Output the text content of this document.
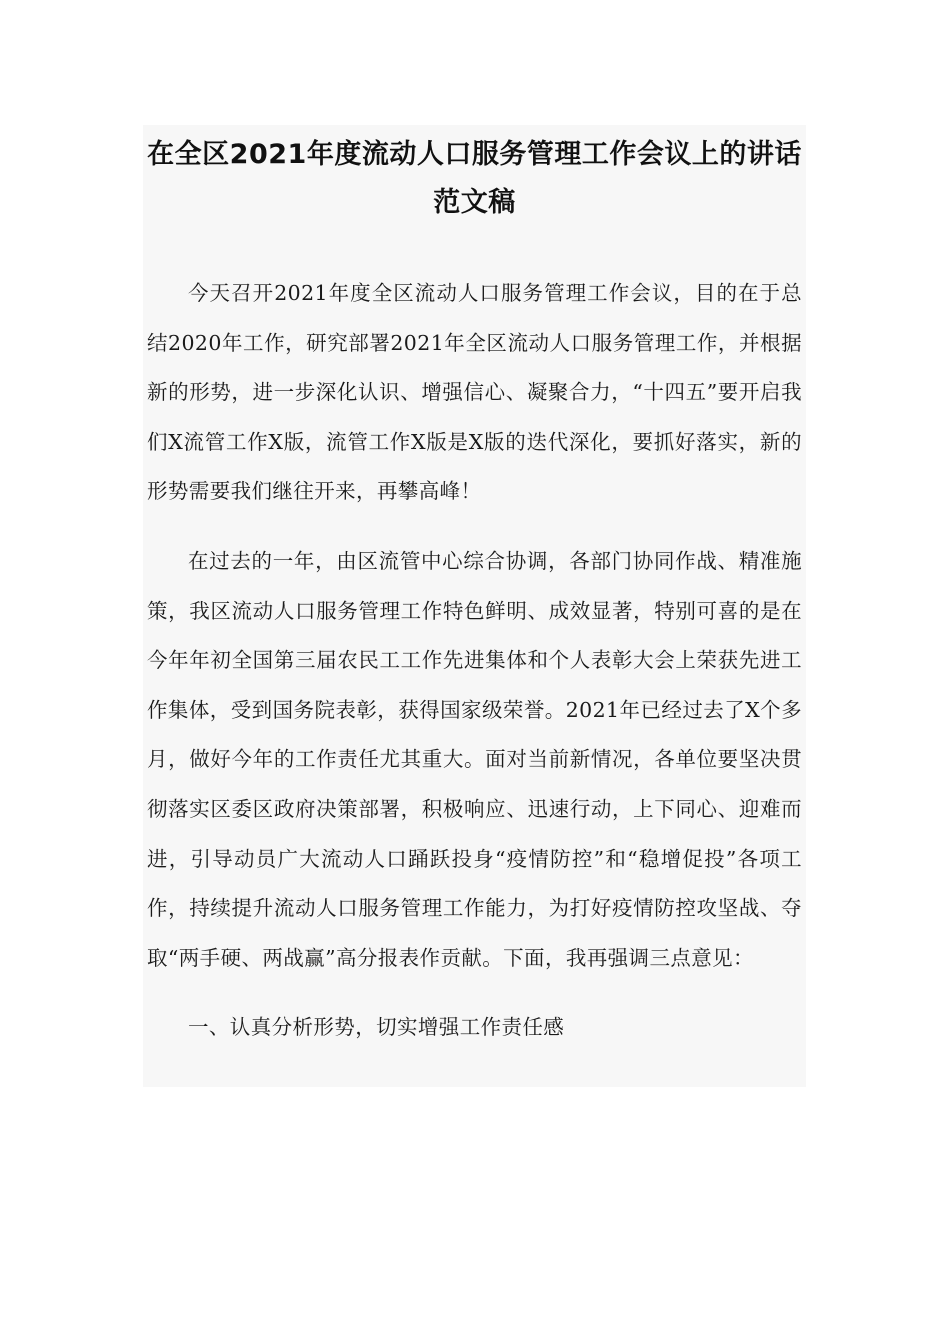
在全区2021年度流动人口服务管理工作会议上的讲话范文稿

今天召开2021年度全区流动人口服务管理工作会议，目的在于总结2020年工作，研究部署2021年全区流动人口服务管理工作，并根据新的形势，进一步深化认识、增强信心、凝聚合力，“十四五”要开启我们X流管工作X版，流管工作X版是X版的迭代深化，要抓好落实，新的形势需要我们继往开来，再攀高峰！

在过去的一年，由区流管中心综合协调，各部门协同作战、精准施策，我区流动人口服务管理工作特色鲜明、成效显著，特别可喜的是在今年年初全国第三届农民工工作先进集体和个人表彰大会上荣获先进工作集体，受到国务院表彰，获得国家级荣誉。2021年已经过去了X个多月，做好今年的工作责任尤其重大。面对当前新情况，各单位要坚决贯彻落实区委区政府决策部署，积极响应、迅速行动，上下同心、迎难而进，引导动员广大流动人口踊跃投身“疫情防控”和“稳增促投”各项工作，持续提升流动人口服务管理工作能力，为打好疫情防控攻坚战、夺取“两手硬、两战赢”高分报表作贡献。下面，我再强调三点意见：

一、认真分析形势，切实增强工作责任感
